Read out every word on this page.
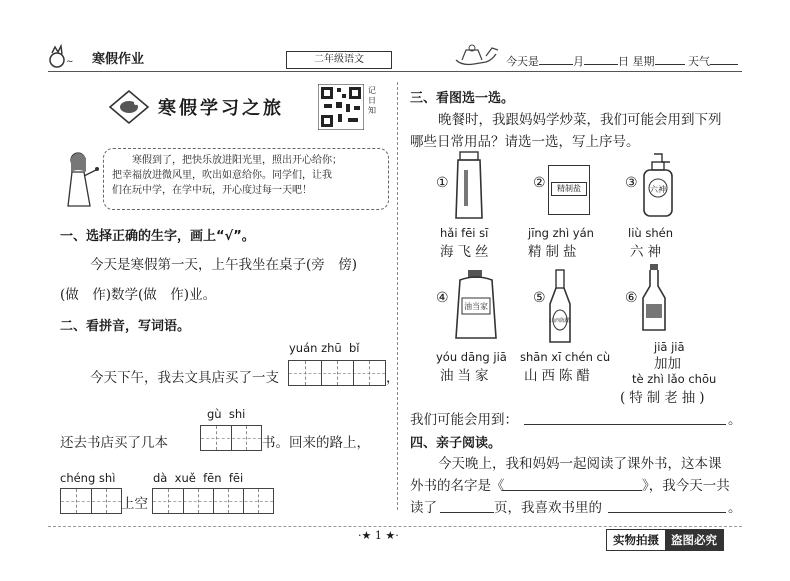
~ 寒假作业	二年级语文	今天是	月	日 星期	天气
寒假学习之旅
记日知

寒假到了，把快乐放进阳光里，照出开心给你；

把幸福放进微风里，吹出如意给你。同学们，让我

们在玩中学，在学中玩，开心度过每一天吧！

一、选择正确的生字，画上“√”。
今天是寒假第一天，上午我坐在桌子(旁　傍)
(做　作)数学(做　作)业。
二、看拼音，写词语。
yuán zhū  bǐ
今天下午，我去文具店买了一支	，
gù  shi
还去书店买了几本	书。回来的路上，
chéng shì	dà  xuě  fēn  fēi
上空
三、看图选一选。
晚餐时，我跟妈妈学炒菜，我们可能会用到下列
哪些日常用品？请选一选，写上序号。
①
hǎi fēi sī
海飞丝
②	精制盐
jīng zhì yán
精制盐
③ 六神
liù shén
六神
④
油当家
yóu dāng jiā
油当家
⑤
山西陈醋
shān xī chén cù
山西陈醋
⑥
jiā jiā
加加
tè zhì lǎo chōu
(特制老抽)
我们可能会用到：	。
四、亲子阅读。
今天晚上，我和妈妈一起阅读了课外书，这本课
外书的名字是《	》，我今天一共
读了	页，我喜欢书里的	。
·★ 1 ★·	实物拍摄	盗图必究
